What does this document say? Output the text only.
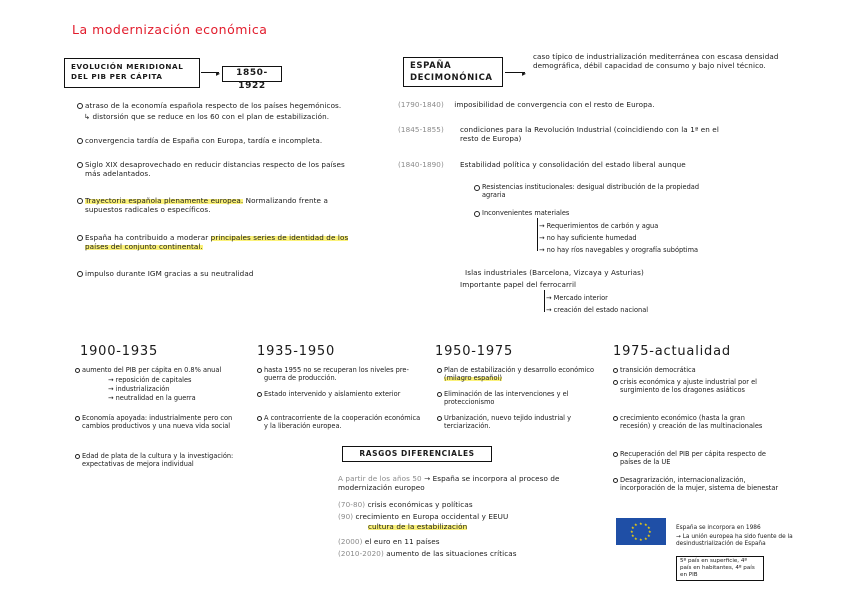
La modernización económica
EVOLUCIÓN MERIDIONAL DEL PIB PER CÁPITA	▸	1850-1922
atraso de la economía española respecto de los países hegemónicos.
↳ distorsión que se reduce en los 60 con el plan de estabilización.
convergencia tardía de España con Europa, tardía e incompleta.
Siglo XIX desaprovechado en reducir distancias respecto de los países más adelantados.
Trayectoria española plenamente europea. Normalizando frente a supuestos radicales o específicos.
España ha contribuido a moderar principales series de identidad de los países del conjunto continental.
impulso durante IGM gracias a su neutralidad
ESPAÑA
DECIMONÓNICA	▸
caso típico de industrialización mediterránea con escasa densidad demográfica, débil capacidad de consumo y bajo nivel técnico.
(1790-1840) imposibilidad de convergencia con el resto de Europa.
(1845-1855)	condiciones para la Revolución Industrial (coincidiendo con la 1ª en el resto de Europa)
(1840-1890) Estabilidad política y consolidación del estado liberal aunque
Resistencias institucionales: desigual distribución de la propiedad agraria
Inconvenientes materiales
→ Requerimientos de carbón y agua
→ no hay suficiente humedad
→ no hay ríos navegables y orografía subóptima
Islas industriales (Barcelona, Vizcaya y Asturias)
Importante papel del ferrocarril
→ Mercado interior
→ creación del estado nacional
1900-1935	1935-1950	1950-1975	1975-actualidad
aumento del PIB per cápita en 0.8% anual
→ reposición de capitales
→ industrialización
→ neutralidad en la guerra
Economía apoyada: industrialmente pero con cambios productivos y una nueva vida social
Edad de plata de la cultura y la investigación: expectativas de mejora individual
hasta 1955 no se recuperan los niveles pre-guerra de producción.
Estado intervenido y aislamiento exterior
A contracorriente de la cooperación económica y la liberación europea.
Plan de estabilización y desarrollo económico (milagro español)
Eliminación de las intervenciones y el proteccionismo
Urbanización, nuevo tejido industrial y terciarización.
transición democrática
crisis económica y ajuste industrial por el surgimiento de los dragones asiáticos
crecimiento económico (hasta la gran recesión) y creación de las multinacionales
Recuperación del PIB per cápita respecto de países de la UE
Desagrarización, internacionalización, incorporación de la mujer, sistema de bienestar
RASGOS DIFERENCIALES
A partir de los años 50 → España se incorpora al proceso de modernización europeo
(70-80) crisis económicas y políticas
(90) crecimiento en Europa occidental y EEUU
cultura de la estabilización
(2000) el euro en 11 países
(2010-2020) aumento de las situaciones críticas
★ ★
★
★
★
★
★
★
★
★
★
★
España se incorpora en 1986
→ La unión europea ha sido fuente de la desindustrialización de España
5º país en superficie, 4º país en habitantes, 4º país en PIB
